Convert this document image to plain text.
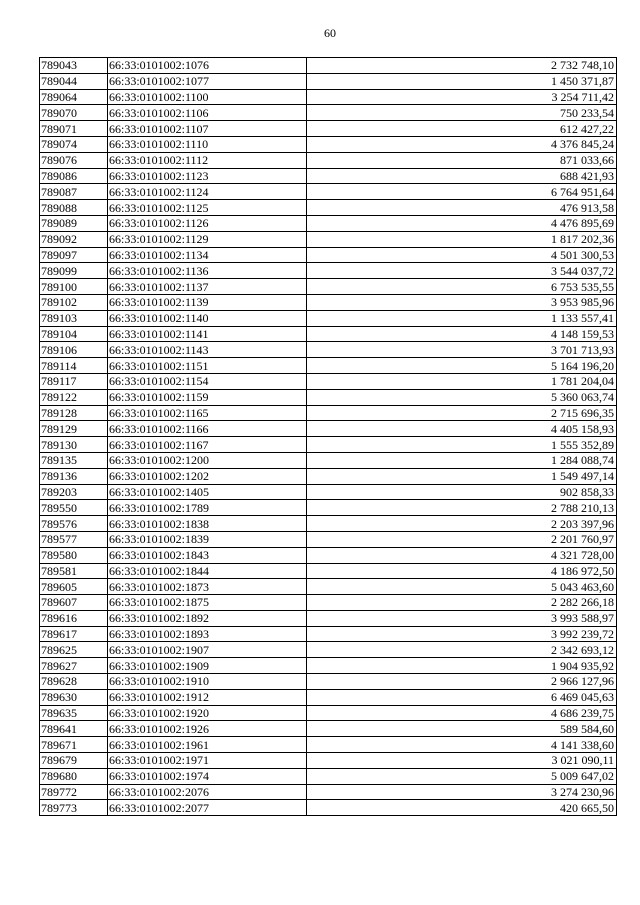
60
789043	66:33:0101002:1076	2 732 748,10
789044	66:33:0101002:1077	1 450 371,87
789064	66:33:0101002:1100	3 254 711,42
789070	66:33:0101002:1106	750 233,54
789071	66:33:0101002:1107	612 427,22
789074	66:33:0101002:1110	4 376 845,24
789076	66:33:0101002:1112	871 033,66
789086	66:33:0101002:1123	688 421,93
789087	66:33:0101002:1124	6 764 951,64
789088	66:33:0101002:1125	476 913,58
789089	66:33:0101002:1126	4 476 895,69
789092	66:33:0101002:1129	1 817 202,36
789097	66:33:0101002:1134	4 501 300,53
789099	66:33:0101002:1136	3 544 037,72
789100	66:33:0101002:1137	6 753 535,55
789102	66:33:0101002:1139	3 953 985,96
789103	66:33:0101002:1140	1 133 557,41
789104	66:33:0101002:1141	4 148 159,53
789106	66:33:0101002:1143	3 701 713,93
789114	66:33:0101002:1151	5 164 196,20
789117	66:33:0101002:1154	1 781 204,04
789122	66:33:0101002:1159	5 360 063,74
789128	66:33:0101002:1165	2 715 696,35
789129	66:33:0101002:1166	4 405 158,93
789130	66:33:0101002:1167	1 555 352,89
789135	66:33:0101002:1200	1 284 088,74
789136	66:33:0101002:1202	1 549 497,14
789203	66:33:0101002:1405	902 858,33
789550	66:33:0101002:1789	2 788 210,13
789576	66:33:0101002:1838	2 203 397,96
789577	66:33:0101002:1839	2 201 760,97
789580	66:33:0101002:1843	4 321 728,00
789581	66:33:0101002:1844	4 186 972,50
789605	66:33:0101002:1873	5 043 463,60
789607	66:33:0101002:1875	2 282 266,18
789616	66:33:0101002:1892	3 993 588,97
789617	66:33:0101002:1893	3 992 239,72
789625	66:33:0101002:1907	2 342 693,12
789627	66:33:0101002:1909	1 904 935,92
789628	66:33:0101002:1910	2 966 127,96
789630	66:33:0101002:1912	6 469 045,63
789635	66:33:0101002:1920	4 686 239,75
789641	66:33:0101002:1926	589 584,60
789671	66:33:0101002:1961	4 141 338,60
789679	66:33:0101002:1971	3 021 090,11
789680	66:33:0101002:1974	5 009 647,02
789772	66:33:0101002:2076	3 274 230,96
789773	66:33:0101002:2077	420 665,50
